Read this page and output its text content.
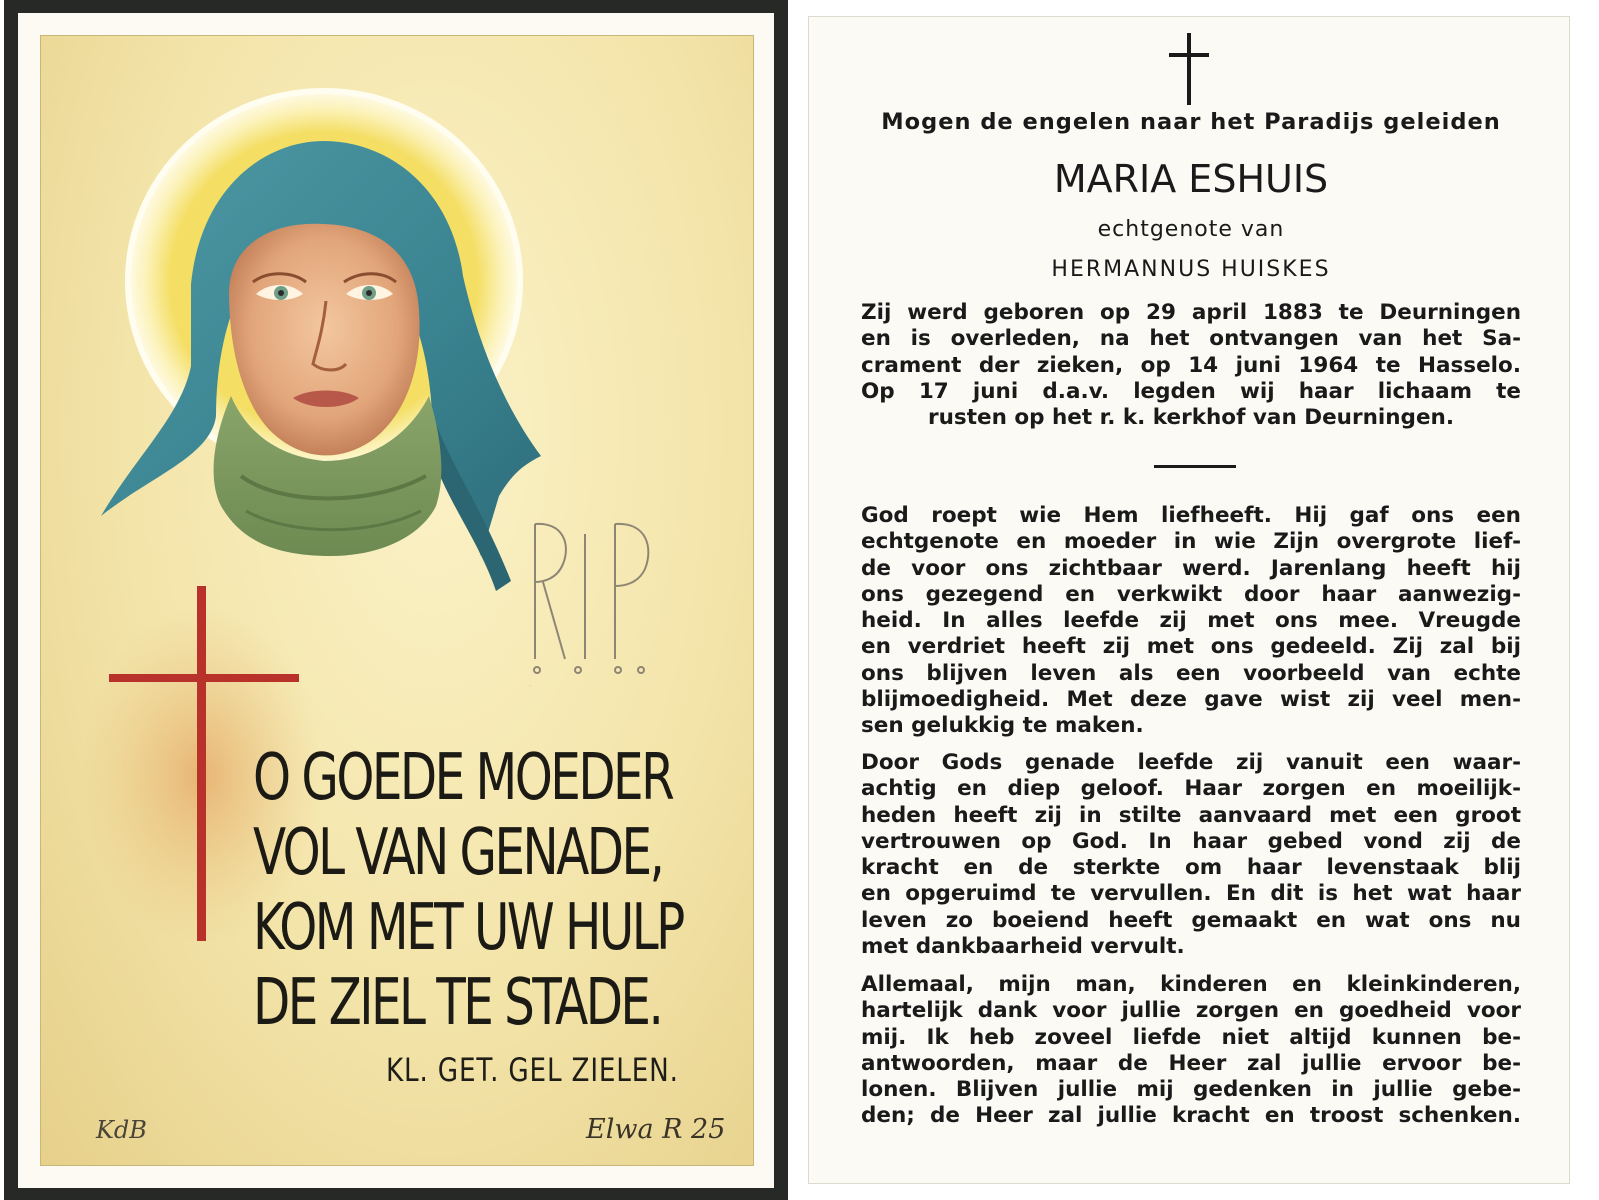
R.I.P.

O GOEDE MOEDER
VOL VAN GENADE,
KOM MET UW HULP
DE ZIEL TE STADE.

KL. GET. GEL ZIELEN.

KdB	Elwa R 25
Mogen de engelen naar het Paradijs geleiden
MARIA ESHUIS
echtgenote van
HERMANNUS HUISKES

Zij werd geboren op 29 april 1883 te Deurningen

en is overleden, na het ontvangen van het Sa-

crament der zieken, op 14 juni 1964 te Hasselo.

Op 17 juni d.a.v. legden wij haar lichaam te

rusten op het r. k. kerkhof van Deurningen.

God roept wie Hem liefheeft. Hij gaf ons een

echtgenote en moeder in wie Zijn overgrote lief-

de voor ons zichtbaar werd. Jarenlang heeft hij

ons gezegend en verkwikt door haar aanwezig-

heid. In alles leefde zij met ons mee. Vreugde

en verdriet heeft zij met ons gedeeld. Zij zal bij

ons blijven leven als een voorbeeld van echte

blijmoedigheid. Met deze gave wist zij veel men-

sen gelukkig te maken.

Door Gods genade leefde zij vanuit een waar-

achtig en diep geloof. Haar zorgen en moeilijk-

heden heeft zij in stilte aanvaard met een groot

vertrouwen op God. In haar gebed vond zij de

kracht en de sterkte om haar levenstaak blij

en opgeruimd te vervullen. En dit is het wat haar

leven zo boeiend heeft gemaakt en wat ons nu

met dankbaarheid vervult.

Allemaal, mijn man, kinderen en kleinkinderen,

hartelijk dank voor jullie zorgen en goedheid voor

mij. Ik heb zoveel liefde niet altijd kunnen be-

antwoorden, maar de Heer zal jullie ervoor be-

lonen. Blijven jullie mij gedenken in jullie gebe-

den; de Heer zal jullie kracht en troost schenken.
